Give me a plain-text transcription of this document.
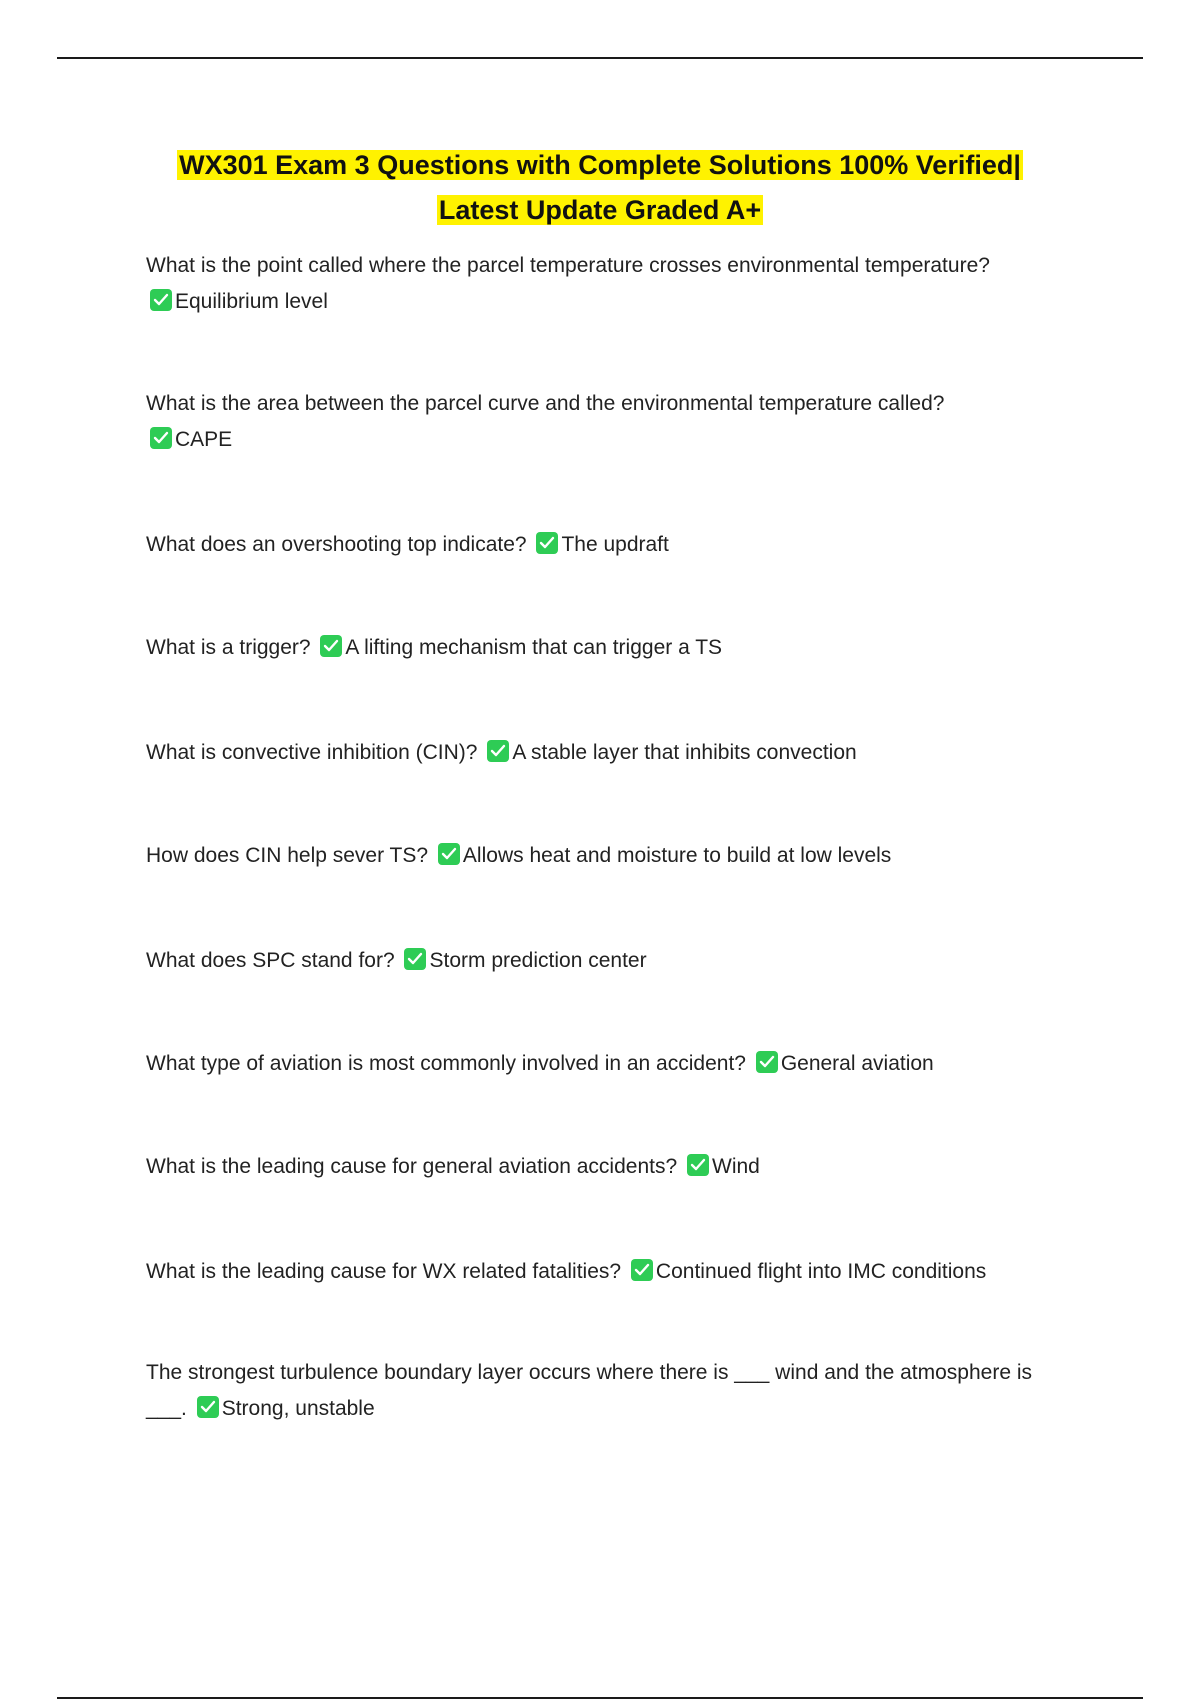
WX301 Exam 3 Questions with Complete Solutions 100% Verified|
Latest Update Graded A+
What is the point called where the parcel temperature crosses environmental temperature?

Equilibrium level
What is the area between the parcel curve and the environmental temperature called?

CAPE
What does an overshooting top indicate? The updraft
What is a trigger? A lifting mechanism that can trigger a TS
What is convective inhibition (CIN)? A stable layer that inhibits convection
How does CIN help sever TS? Allows heat and moisture to build at low levels
What does SPC stand for? Storm prediction center
What type of aviation is most commonly involved in an accident? General aviation
What is the leading cause for general aviation accidents? Wind
What is the leading cause for WX related fatalities? Continued flight into IMC conditions
The strongest turbulence boundary layer occurs where there is ___ wind and the atmosphere is
___. Strong, unstable
